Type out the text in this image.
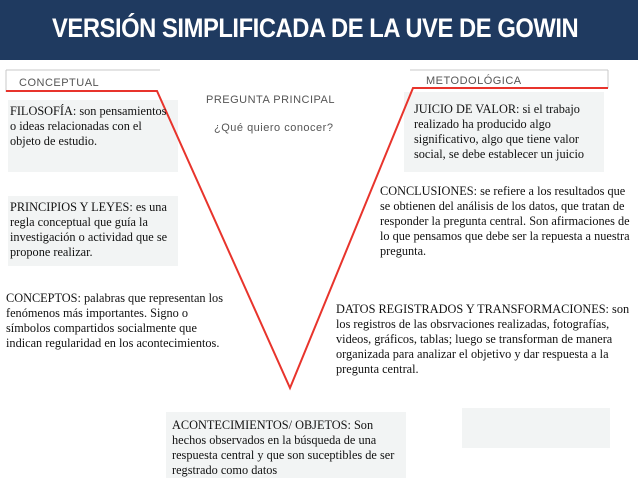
VERSIÓN SIMPLIFICADA DE LA UVE DE GOWIN
CONCEPTUAL	METODOLÓGICA
PREGUNTA PRINCIPAL
¿Qué quiero conocer?
FILOSOFÍA: son pensamientos o ideas relacionadas con el objeto de estudio.
PRINCIPIOS Y LEYES: es una regla conceptual que guía la investigación o actividad que se propone realizar.
CONCEPTOS: palabras que representan los fenómenos más importantes. Signo o símbolos compartidos socialmente que indican regularidad en los acontecimientos.
JUICIO DE VALOR: si el trabajo realizado ha producido algo significativo, algo que tiene valor social, se debe establecer un juicio
CONCLUSIONES: se refiere a los resultados que se obtienen del análisis de los datos, que tratan de responder la pregunta central. Son afirmaciones de lo que pensamos que debe ser la repuesta a nuestra pregunta.
DATOS REGISTRADOS Y TRANSFORMACIONES: son los registros de las obsrvaciones realizadas, fotografías, videos, gráficos, tablas; luego se transforman de manera organizada para analizar el objetivo y dar respuesta a la pregunta central.
ACONTECIMIENTOS/ OBJETOS: Son hechos observados en la búsqueda de una respuesta central y que son suceptibles de ser regstrado como datos
